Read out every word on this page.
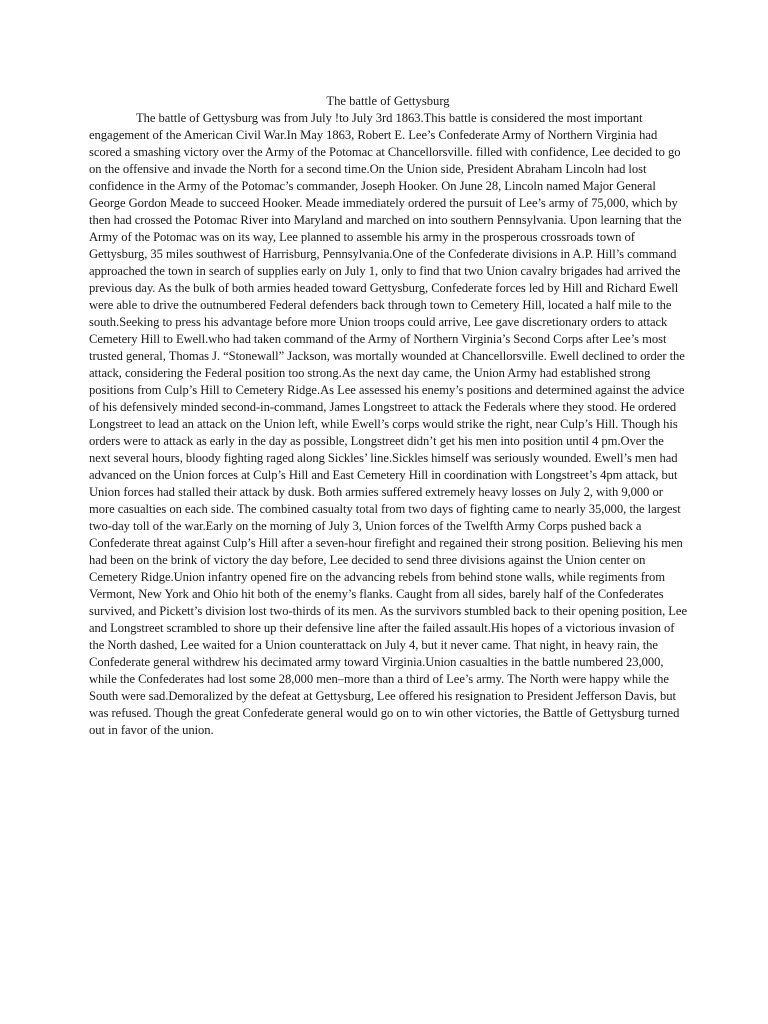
The battle of Gettysburg

The battle of Gettysburg was from July !to July 3rd 1863.This battle is considered the most important engagement of the American Civil War.In May 1863, Robert E. Lee’s Confederate Army of Northern Virginia had scored a smashing victory over the Army of the Potomac at Chancellorsville. filled with confidence, Lee decided to go on the offensive and invade the North for a second time.On the Union side, President Abraham Lincoln had lost confidence in the Army of the Potomac’s commander, Joseph Hooker. On June 28, Lincoln named Major General George Gordon Meade to succeed Hooker. Meade immediately ordered the pursuit of Lee’s army of 75,000, which by then had crossed the Potomac River into Maryland and marched on into southern Pennsylvania. Upon learning that the Army of the Potomac was on its way, Lee planned to assemble his army in the prosperous crossroads town of Gettysburg, 35 miles southwest of Harrisburg, Pennsylvania.One of the Confederate divisions in A.P. Hill’s command approached the town in search of supplies early on July 1, only to find that two Union cavalry brigades had arrived the previous day. As the bulk of both armies headed toward Gettysburg, Confederate forces led by Hill and Richard Ewell were able to drive the outnumbered Federal defenders back through town to Cemetery Hill, located a half mile to the south.Seeking to press his advantage before more Union troops could arrive, Lee gave discretionary orders to attack Cemetery Hill to Ewell.who had taken command of the Army of Northern Virginia’s Second Corps after Lee’s most trusted general, Thomas J. “Stonewall” Jackson, was mortally wounded at Chancellorsville. Ewell declined to order the attack, considering the Federal position too strong.As the next day came, the Union Army had established strong positions from Culp’s Hill to Cemetery Ridge.As Lee assessed his enemy’s positions and determined against the advice of his defensively minded second-in-command, James Longstreet to attack the Federals where they stood. He ordered Longstreet to lead an attack on the Union left, while Ewell’s corps would strike the right, near Culp’s Hill. Though his orders were to attack as early in the day as possible, Longstreet didn’t get his men into position until 4 pm.Over the next several hours, bloody fighting raged along Sickles’ line.Sickles himself was seriously wounded. Ewell’s men had advanced on the Union forces at Culp’s Hill and East Cemetery Hill in coordination with Longstreet’s 4pm attack, but Union forces had stalled their attack by dusk. Both armies suffered extremely heavy losses on July 2, with 9,000 or more casualties on each side. The combined casualty total from two days of fighting came to nearly 35,000, the largest two-day toll of the war.Early on the morning of July 3, Union forces of the Twelfth Army Corps pushed back a Confederate threat against Culp’s Hill after a seven-hour firefight and regained their strong position. Believing his men had been on the brink of victory the day before, Lee decided to send three divisions against the Union center on Cemetery Ridge.Union infantry opened fire on the advancing rebels from behind stone walls, while regiments from Vermont, New York and Ohio hit both of the enemy’s flanks. Caught from all sides, barely half of the Confederates survived, and Pickett’s division lost two-thirds of its men. As the survivors stumbled back to their opening position, Lee and Longstreet scrambled to shore up their defensive line after the failed assault.His hopes of a victorious invasion of the North dashed, Lee waited for a Union counterattack on July 4, but it never came. That night, in heavy rain, the Confederate general withdrew his decimated army toward Virginia.Union casualties in the battle numbered 23,000, while the Confederates had lost some 28,000 men–more than a third of Lee’s army. The North were happy while the South were sad.Demoralized by the defeat at Gettysburg, Lee offered his resignation to President Jefferson Davis, but was refused. Though the great Confederate general would go on to win other victories, the Battle of Gettysburg turned out in favor of the union.
